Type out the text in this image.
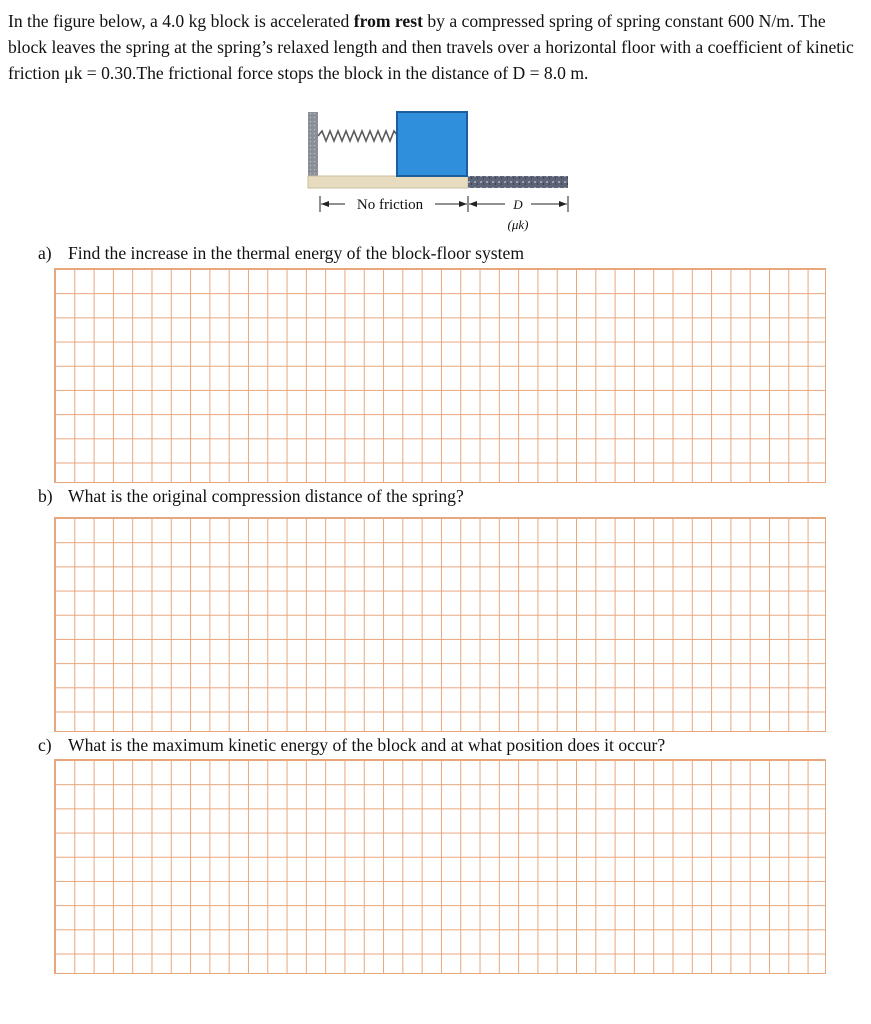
In the figure below, a 4.0 kg block is accelerated from rest by a compressed spring of spring constant 600 N/m. The block leaves the spring at the spring’s relaxed length and then travels over a horizontal floor with a coefficient of kinetic friction μk = 0.30.The frictional force stops the block in the distance of D = 8.0 m.

No friction	D
(μk)
a) Find the increase in the thermal energy of the block-floor system
b) What is the original compression distance of the spring?
c) What is the maximum kinetic energy of the block and at what position does it occur?
